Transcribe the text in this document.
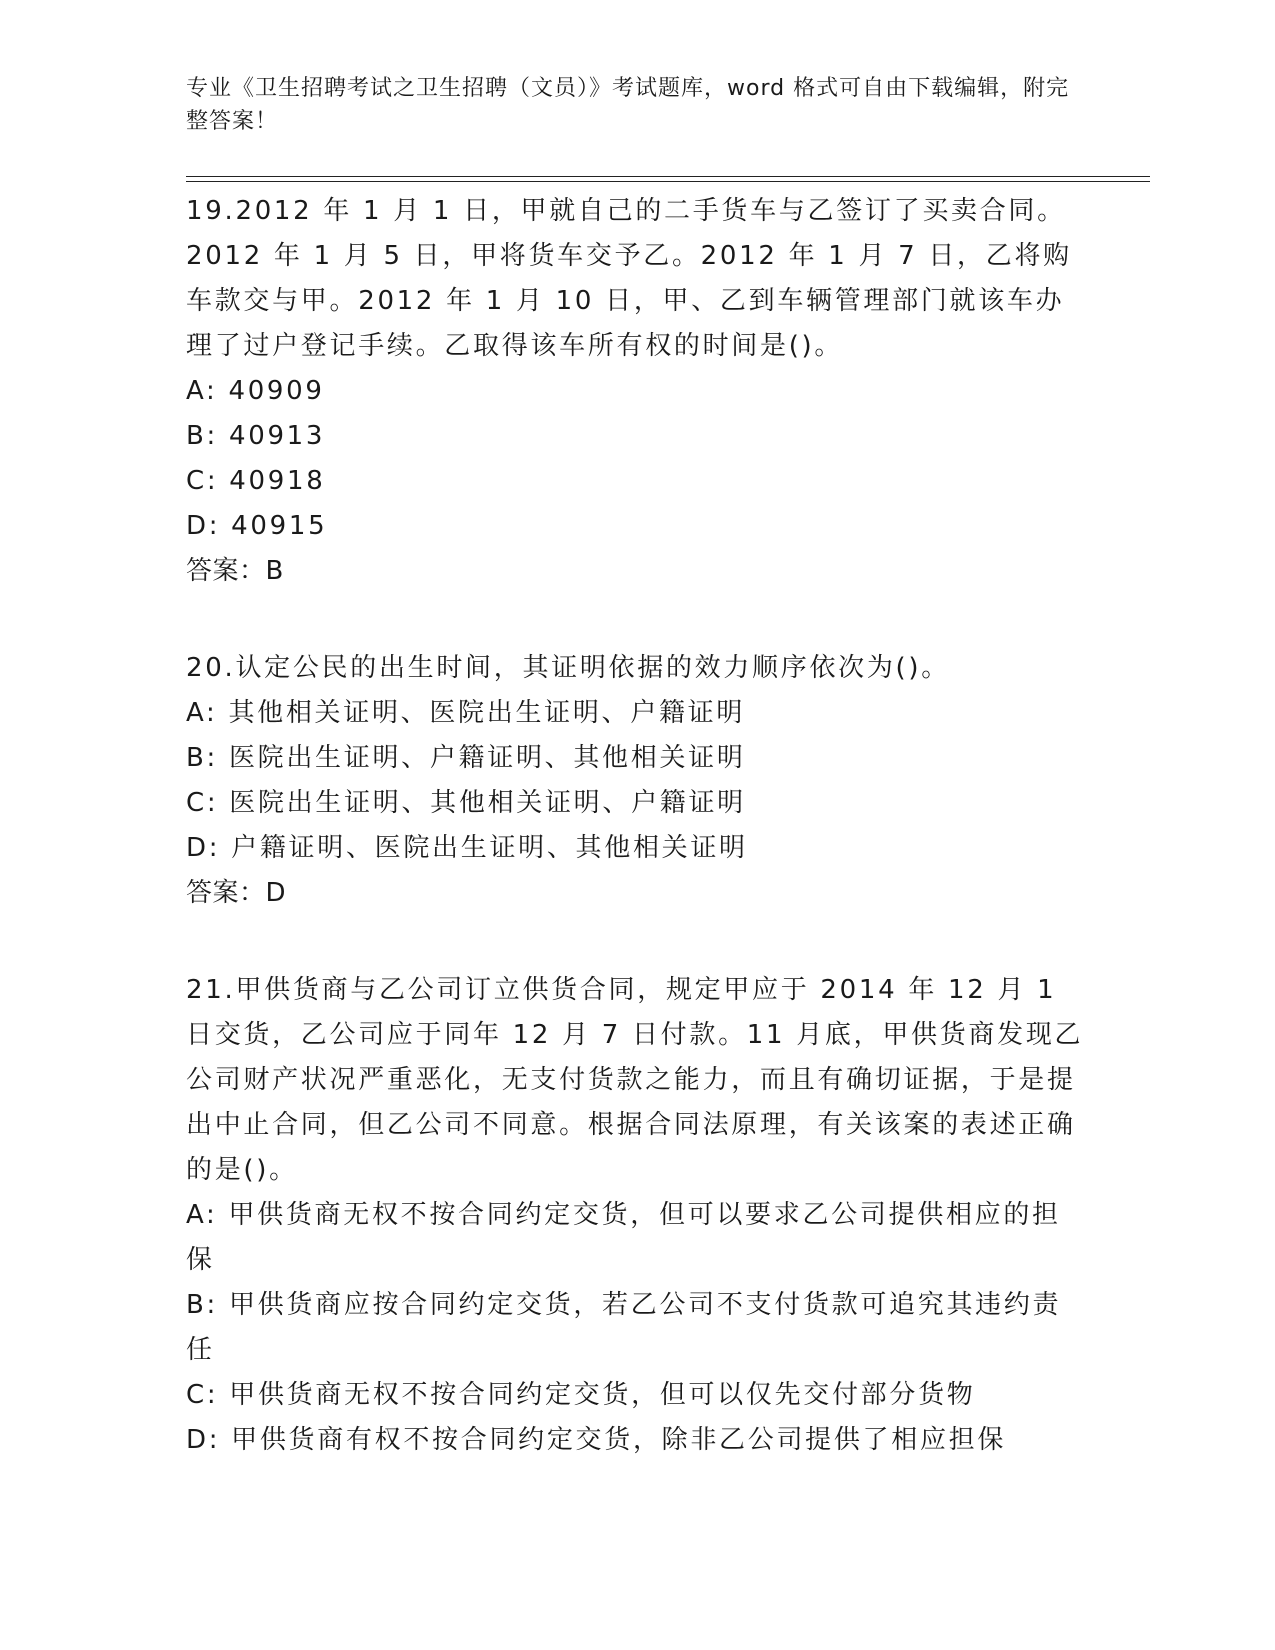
专业《卫生招聘考试之卫生招聘（文员）》考试题库，word 格式可自由下载编辑，附完整答案！

19.2012 年 1 月 1 日，甲就自己的二手货车与乙签订了买卖合同。2012 年 1 月 5 日，甲将货车交予乙。2012 年 1 月 7 日，乙将购车款交与甲。2012 年 1 月 10 日，甲、乙到车辆管理部门就该车办理了过户登记手续。乙取得该车所有权的时间是()。

A: 40909
B: 40913
C: 40918
D: 40915

答案：B

20.认定公民的出生时间，其证明依据的效力顺序依次为()。

A: 其他相关证明、医院出生证明、户籍证明
B: 医院出生证明、户籍证明、其他相关证明
C: 医院出生证明、其他相关证明、户籍证明
D: 户籍证明、医院出生证明、其他相关证明

答案：D

21.甲供货商与乙公司订立供货合同，规定甲应于 2014 年 12 月 1 日交货，乙公司应于同年 12 月 7 日付款。11 月底，甲供货商发现乙公司财产状况严重恶化，无支付货款之能力，而且有确切证据，于是提出中止合同，但乙公司不同意。根据合同法原理，有关该案的表述正确的是()。

A: 甲供货商无权不按合同约定交货，但可以要求乙公司提供相应的担保
B: 甲供货商应按合同约定交货，若乙公司不支付货款可追究其违约责任
C: 甲供货商无权不按合同约定交货，但可以仅先交付部分货物
D: 甲供货商有权不按合同约定交货，除非乙公司提供了相应担保
